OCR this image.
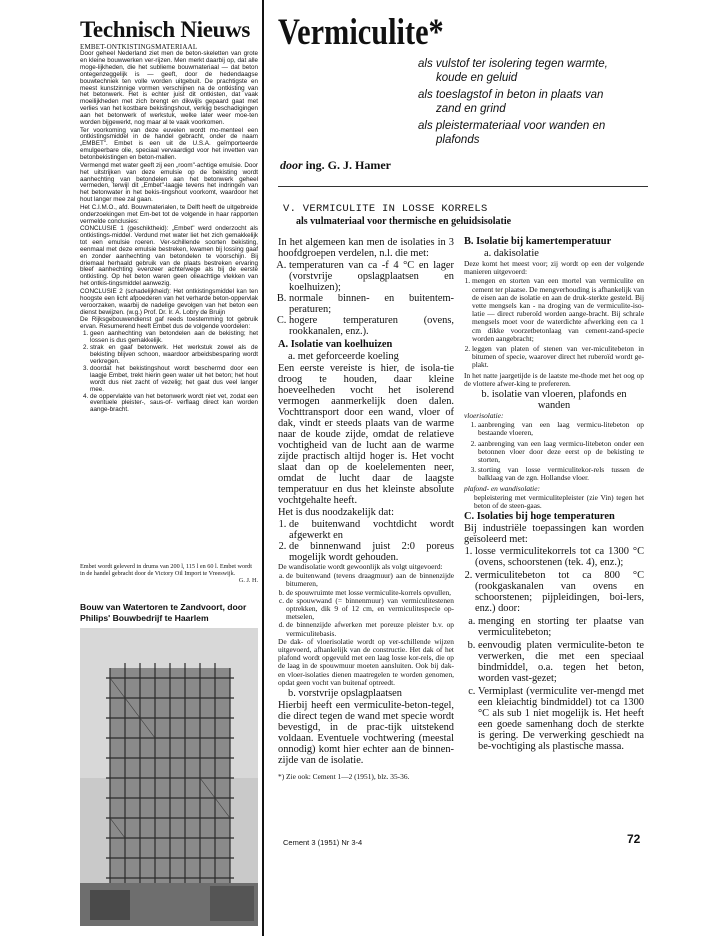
Technisch Nieuws
EMBET-ONTKISTINGSMATERIAAL

Door geheel Nederland ziet men de beton-skeletten van grote en kleine bouwwerken ver-rijzen. Men merkt daarbij op, dat alle moge-lijkheden, die het sublieme bouwmateriaal — dat beton ontegenzeggelijk is — geeft, door de hedendaagse bouwtechniek ten volle worden uitgebuit. De prachtigste en meest kunstzinnige vormen verschijnen na de ontkisting van het betonwerk. Het is echter juist dit ontkisten, dat vaak moeilijkheden met zich brengt en dikwijls gepaard gaat met verlies van het kostbare bekistingshout, verkijg beschadigingen aan het betonwerk of werkstuk, welke later weer moe-ten worden bijgewerkt, nog maar al te vaak voorkomen.

Ter voorkoming van deze euvelen wordt mo-menteel een ontkistingsmiddel in de handel gebracht, onder de naam „EMBET". Embet is een uit de U.S.A. geïmporteerde emulgeerbare olie, speciaal vervaardigd voor het invetten van betonbekistingen en beton-mallen.

Vermengd met water geeft zij een „room"-achtige emulsie. Door het uitstrijken van deze emulsie op de bekisting wordt aanhechting van betondelen aan het betonwerk geheel vermeden, terwijl dit „Embet"-laagje tevens het indringen van het betonwater in het bekis-tingshout voorkomt, waardoor het hout langer mee zal gaan.

Het C.I.M.O., afd. Bouwmaterialen, te Delft heeft de uitgebreide onderzoekingen met Em-bet tot de volgende in haar rapporten vermelde conclusies:

CONCLUSIE 1 (geschiktheid): „Embet" werd onderzocht als ontkistings-middel. Verdund met water liet het zich gemakkelijk tot een emulsie roeren. Ver-schillende soorten bekisting, eenmaal met deze emulsie bestreken, kwamen bij lossing gaaf en zonder aanhechting van betondelen te voorschijn. Bij driemaal herhaald gebruik van de plaats bestreken ervaring bleef aanhechting evenzeer achterwege als bij de eerste ontkisting. Op het beton waren geen olieachtige vlekken van het ontkis-tingsmiddel aanwezig.

CONCLUSIE 2 (schadelijkheid): Het ontkistingsmiddel kan ten hoogste een licht afpoederen van het verharde beton-oppervlak veroorzaken, waarbij de nadelige gevolgen van het beton een dienst bewijzen. (w.g.) Prof. Dr. Ir. A. Lobry de Bruijn

De Rijksgebouwendienst gaf reeds toestemming tot gebruik ervan. Resumerend heeft Embet dus de volgende voordelen:

1. geen aanhechting van betondelen aan de bekisting; het lossen is dus gemakkelijk.
2. strak en gaaf betonwerk. Het werkstuk zowel als de bekisting blijven schoon, waardoor arbeidsbesparing wordt verkregen.
3. doordat het bekistingshout wordt beschermd door een laagje Embet, trekt hierin geen water uit het beton; het hout wordt dus niet zacht of vezelig; het gaat dus veel langer mee.
4. de oppervlakte van het betonwerk wordt niet vet, zodat een eventuele pleister-, saus-of- verflaag direct kan worden aange-bracht.
Embet wordt geleverd in drums van 200 l, 115 l en 60 l. Embet wordt in de handel gebracht door de Victory Oil Import te Vreeswijk.
G. J. H.
Bouw van Watertoren te Zandvoort, door Philips' Bouwbedrijf te Haarlem
Vermiculite*
als vulstof ter isolering tegen warmte,
koude en geluid
als toeslagstof in beton in plaats van
zand en grind
als pleistermateriaal voor wanden en
plafonds
door ing. G. J. Hamer
V. VERMICULITE IN LOSSE KORRELS
als vulmateriaal voor thermische en geluidsisolatie

In het algemeen kan men de isolaties in 3 hoofdgroepen verdelen, n.l. die met:

A. temperaturen van ca -f 4 °C en lager (vorstvrije opslagplaatsen en koelhuizen);
B. normale binnen- en buitentem-peraturen;
C. hogere temperaturen (ovens, rookkanalen, enz.).

A. Isolatie van koelhuizen

a. met geforceerde koeling

Een eerste vereiste is hier, de isola-tie droog te houden, daar kleine hoeveelheden vocht het isolerend vermogen aanmerkelijk doen dalen. Vochttransport door een wand, vloer of dak, vindt er steeds plaats van de warme naar de koude zijde, omdat de relatieve vochtigheid van de lucht aan de warme zijde practisch altijd hoger is. Het vocht slaat dan op de koelelementen neer, omdat de lucht daar de laagste temperatuur en dus het kleinste absolute vochtgehalte heeft.

Het is dus noodzakelijk dat:

1. de buitenwand vochtdicht wordt afgewerkt en
2. de binnenwand juist 2:0 poreus mogelijk wordt gehouden.

De wandisolatie wordt gewoonlijk als volgt uitgevoerd:

a. de buitenwand (tevens draagmuur) aan de binnenzijde bitumeren,
b. de spouwruimte met losse vermiculite-korrels opvullen,
c. de spouwwand (= binnenmuur) van vermiculitestenen optrekken, dik 9 of 12 cm, en vermiculitespecie op-metselen,
d. de binnenzijde afwerken met poreuze pleister b.v. op vermiculitebasis.

De dak- of vloerisolatie wordt op ver-schillende wijzen uitgevoerd, afhankelijk van de constructie. Het dak of het plafond wordt opgevuld met een laag losse kor-rels, die op de laag in de spouwmuur moeten aansluiten. Ook bij dak- en vloer-isolaties dienen maatregelen te worden genomen, opdat geen vocht van buitenaf optreedt.

b. vorstvrije opslagplaatsen

Hierbij heeft een vermiculite-beton-tegel, die direct tegen de wand met specie wordt bevestigd, in de prac-tijk uitstekend voldaan. Eventuele vochtwering (meestal onnodig) komt hier echter aan de binnen-zijde van de isolatie.

*) Zie ook: Cement 1—2 (1951), blz. 35-36.

B. Isolatie bij kamertemperatuur

a. dakisolatie

Deze komt het meest voor; zij wordt op een der volgende manieren uitgevoerd:

1. mengen en storten van een mortel van vermiculite en cement ter plaatse. De mengverhouding is afhankelijk van de eisen aan de isolatie en aan de druk-sterkte gesteld. Bij vette mengsels kan - na droging van de vermiculite-iso-latie — direct ruberoïd worden aange-bracht. Bij schrale mengsels moet voor de waterdichte afwerking een ca 1 cm dikke voorzetbetonlaag van cement-zand-specie worden aangebracht;
2. leggen van platen of stenen van ver-miculitebeton in bitumen of specie, waarover direct het ruberoïd wordt ge-plakt.

In het natte jaargetijde is de laatste me-thode met het oog op de vlottere afwer-king te prefereren.

b. isolatie van vloeren, plafonds en wanden

vloerisolatie:

1. aanbrenging van een laag vermicu-litebeton op bestaande vloeren,
2. aanbrenging van een laag vermicu-litebeton onder een betonnen vloer door deze eerst op de bekisting te storten,
3. storting van losse vermiculitekor-rels tussen de balklaag van de zgn. Hollandse vloer.

plafond- en wandisolatie:

bepleistering met vermiculitepleister (zie Vin) tegen het beton of de steen-gaas.

C. Isolaties bij hoge temperaturen

Bij industriële toepassingen kan worden geïsoleerd met:

1. losse vermiculitekorrels tot ca 1300 °C (ovens, schoorstenen (tek. 4), enz.);
2. vermiculitebeton tot ca 800 °C (rookgaskanalen van ovens en schoorstenen; pijpleidingen, boi-lers, enz.) door:
a. menging en storting ter plaatse van vermiculitebeton;
b. eenvoudig platen vermiculite-beton te verwerken, die met een speciaal bindmiddel, o.a. tegen het beton, worden vast-gezet;
c. Vermiplast (vermiculite ver-mengd met een kleiachtig bindmiddel) tot ca 1300 °C als sub 1 niet mogelijk is. Het heeft een goede samenhang doch de sterkte is gering. De verwerking geschiedt na be-vochtiging als plastische massa.
Cement 3 (1951) Nr 3-4	72
